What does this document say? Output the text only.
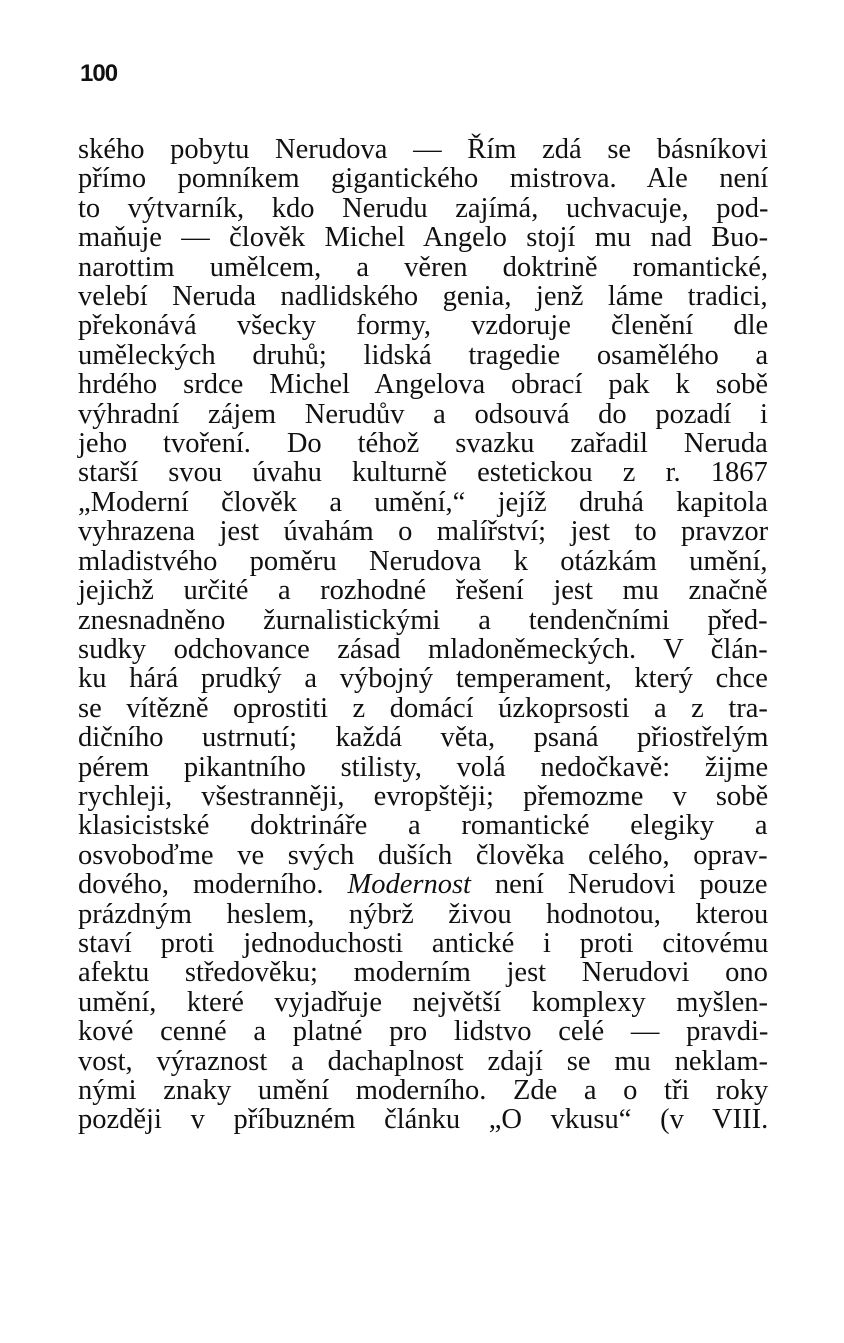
100
ského pobytu Nerudova — Řím zdá se básníkovi
přímo pomníkem gigantického mistrova. Ale není
to výtvarník, kdo Nerudu zajímá, uchvacuje, pod-
maňuje — člověk Michel Angelo stojí mu nad Buo-
narottim umělcem, a věren doktrině romantické,
velebí Neruda nadlidského genia, jenž láme tradici,
překonává všecky formy, vzdoruje členění dle
uměleckých druhů; lidská tragedie osamělého a
hrdého srdce Michel Angelova obrací pak k sobě
výhradní zájem Nerudův a odsouvá do pozadí i
jeho tvoření. Do téhož svazku zařadil Neruda
starší svou úvahu kulturně estetickou z r. 1867
„Moderní člověk a umění,“ jejíž druhá kapitola
vyhrazena jest úvahám o malířství; jest to pravzor
mladistvého poměru Nerudova k otázkám umění,
jejichž určité a rozhodné řešení jest mu značně
znesnadněno žurnalistickými a tendenčními před-
sudky odchovance zásad mladoněmeckých. V člán-
ku hárá prudký a výbojný temperament, který chce
se vítězně oprostiti z domácí úzkoprsosti a z tra-
dičního ustrnutí; každá věta, psaná přiostřelým
pérem pikantního stilisty, volá nedočkavě: žijme
rychleji, všestranněji, evropštěji; přemozme v sobě
klasicistské doktrináře a romantické elegiky a
osvoboďme ve svých duších člověka celého, oprav-
dového, moderního. Modernost není Nerudovi pouze
prázdným heslem, nýbrž živou hodnotou, kterou
staví proti jednoduchosti antické i proti citovému
afektu středověku; moderním jest Nerudovi ono
umění, které vyjadřuje největší komplexy myšlen-
kové cenné a platné pro lidstvo celé — pravdi-
vost, výraznost a dachaplnost zdají se mu neklam-
nými znaky umění moderního. Zde a o tři roky
později v příbuzném článku „O vkusu“ (v VIII.
